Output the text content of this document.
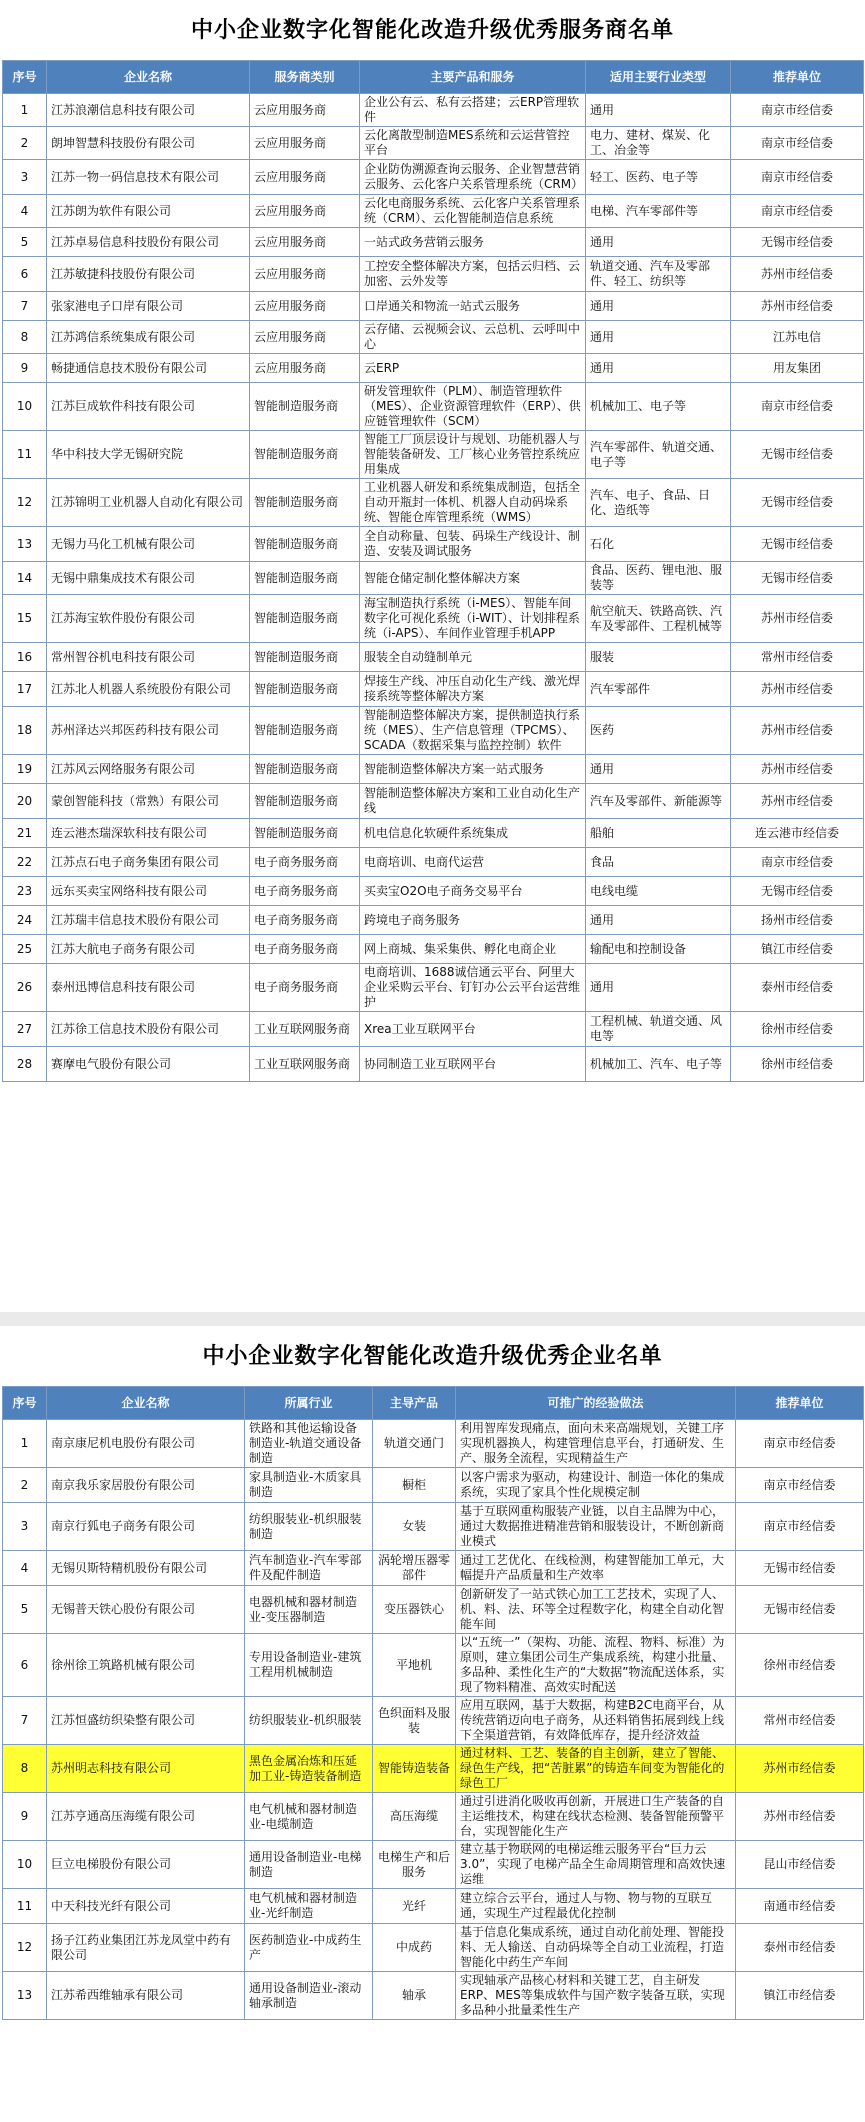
中小企业数字化智能化改造升级优秀服务商名单
序号	企业名称	服务商类别	主要产品和服务	适用主要行业类型	推荐单位
1	江苏浪潮信息科技有限公司	云应用服务商	企业公有云、私有云搭建；云ERP管理软件	通用	南京市经信委
2	朗坤智慧科技股份有限公司	云应用服务商	云化离散型制造MES系统和云运营管控平台	电力、建材、煤炭、化工、冶金等	南京市经信委
3	江苏一物一码信息技术有限公司	云应用服务商	企业防伪溯源查询云服务、企业智慧营销云服务、云化客户关系管理系统（CRM）	轻工、医药、电子等	南京市经信委
4	江苏朗为软件有限公司	云应用服务商	云化电商服务系统、云化客户关系管理系统（CRM）、云化智能制造信息系统	电梯、汽车零部件等	南京市经信委
5	江苏卓易信息科技股份有限公司	云应用服务商	一站式政务营销云服务	通用	无锡市经信委
6	江苏敏捷科技股份有限公司	云应用服务商	工控安全整体解决方案，包括云归档、云加密、云外发等	轨道交通、汽车及零部件、轻工、纺织等	苏州市经信委
7	张家港电子口岸有限公司	云应用服务商	口岸通关和物流一站式云服务	通用	苏州市经信委
8	江苏鸿信系统集成有限公司	云应用服务商	云存储、云视频会议、云总机、云呼叫中心	通用	江苏电信
9	畅捷通信息技术股份有限公司	云应用服务商	云ERP	通用	用友集团
10	江苏巨成软件科技有限公司	智能制造服务商	研发管理软件（PLM）、制造管理软件（MES）、企业资源管理软件（ERP）、供应链管理软件（SCM）	机械加工、电子等	南京市经信委
11	华中科技大学无锡研究院	智能制造服务商	智能工厂顶层设计与规划、功能机器人与智能装备研发、工厂核心业务管控系统应用集成	汽车零部件、轨道交通、电子等	无锡市经信委
12	江苏锦明工业机器人自动化有限公司	智能制造服务商	工业机器人研发和系统集成制造，包括全自动开瓶封一体机、机器人自动码垛系统、智能仓库管理系统（WMS）	汽车、电子、食品、日化、造纸等	无锡市经信委
13	无锡力马化工机械有限公司	智能制造服务商	全自动称量、包装、码垛生产线设计、制造、安装及调试服务	石化	无锡市经信委
14	无锡中鼎集成技术有限公司	智能制造服务商	智能仓储定制化整体解决方案	食品、医药、锂电池、服装等	无锡市经信委
15	江苏海宝软件股份有限公司	智能制造服务商	海宝制造执行系统（i-MES）、智能车间数字化可视化系统（i-WIT）、计划排程系统（i-APS）、车间作业管理手机APP	航空航天、铁路高铁、汽车及零部件、工程机械等	苏州市经信委
16	常州智谷机电科技有限公司	智能制造服务商	服装全自动缝制单元	服装	常州市经信委
17	江苏北人机器人系统股份有限公司	智能制造服务商	焊接生产线、冲压自动化生产线、激光焊接系统等整体解决方案	汽车零部件	苏州市经信委
18	苏州泽达兴邦医药科技有限公司	智能制造服务商	智能制造整体解决方案，提供制造执行系统（MES）、生产信息管理（TPCMS）、SCADA（数据采集与监控控制）软件	医药	苏州市经信委
19	江苏风云网络服务有限公司	智能制造服务商	智能制造整体解决方案一站式服务	通用	苏州市经信委
20	蒙创智能科技（常熟）有限公司	智能制造服务商	智能制造整体解决方案和工业自动化生产线	汽车及零部件、新能源等	苏州市经信委
21	连云港杰瑞深软科技有限公司	智能制造服务商	机电信息化软硬件系统集成	船舶	连云港市经信委
22	江苏点石电子商务集团有限公司	电子商务服务商	电商培训、电商代运营	食品	南京市经信委
23	远东买卖宝网络科技有限公司	电子商务服务商	买卖宝O2O电子商务交易平台	电线电缆	无锡市经信委
24	江苏瑞丰信息技术股份有限公司	电子商务服务商	跨境电子商务服务	通用	扬州市经信委
25	江苏大航电子商务有限公司	电子商务服务商	网上商城、集采集供、孵化电商企业	输配电和控制设备	镇江市经信委
26	泰州迅博信息科技有限公司	电子商务服务商	电商培训、1688诚信通云平台、阿里大企业采购云平台、钉钉办公云平台运营维护	通用	泰州市经信委
27	江苏徐工信息技术股份有限公司	工业互联网服务商	Xrea工业互联网平台	工程机械、轨道交通、风电等	徐州市经信委
28	赛摩电气股份有限公司	工业互联网服务商	协同制造工业互联网平台	机械加工、汽车、电子等	徐州市经信委
中小企业数字化智能化改造升级优秀企业名单
序号	企业名称	所属行业	主导产品	可推广的经验做法	推荐单位
1	南京康尼机电股份有限公司	铁路和其他运输设备制造业-轨道交通设备制造	轨道交通门	利用智库发现痛点，面向未来高端规划，关键工序实现机器换人，构建管理信息平台，打通研发、生产、服务全流程，实现精益生产	南京市经信委
2	南京我乐家居股份有限公司	家具制造业-木质家具制造	橱柜	以客户需求为驱动，构建设计、制造一体化的集成系统，实现了家具个性化规模定制	南京市经信委
3	南京行狐电子商务有限公司	纺织服装业-机织服装制造	女装	基于互联网重构服装产业链，以自主品牌为中心，通过大数据推进精准营销和服装设计，不断创新商业模式	南京市经信委
4	无锡贝斯特精机股份有限公司	汽车制造业-汽车零部件及配件制造	涡轮增压器零部件	通过工艺优化、在线检测，构建智能加工单元，大幅提升产品质量和生产效率	无锡市经信委
5	无锡普天铁心股份有限公司	电器机械和器材制造业-变压器制造	变压器铁心	创新研发了一站式铁心加工工艺技术，实现了人、机、料、法、环等全过程数字化，构建全自动化智能车间	无锡市经信委
6	徐州徐工筑路机械有限公司	专用设备制造业-建筑工程用机械制造	平地机	以“五统一”（架构、功能、流程、物料、标准）为原则，建立集团公司生产集成系统，构建小批量、多品种、柔性化生产的“大数据”物流配送体系，实现了物料精准、高效实时配送	徐州市经信委
7	江苏恒盛纺织染整有限公司	纺织服装业-机织服装	色织面料及服装	应用互联网，基于大数据，构建B2C电商平台，从传统营销迈向电子商务，从还料销售拓展到线上线下全渠道营销，有效降低库存，提升经济效益	常州市经信委
8	苏州明志科技有限公司	黑色金属冶炼和压延加工业-铸造装备制造	智能铸造装备	通过材料、工艺、装备的自主创新，建立了智能、绿色生产线，把“苦脏累”的铸造车间变为智能化的绿色工厂	苏州市经信委
9	江苏亨通高压海缆有限公司	电气机械和器材制造业-电缆制造	高压海缆	通过引进消化吸收再创新，开展进口生产装备的自主运维技术，构建在线状态检测、装备智能预警平台，实现智能化生产	苏州市经信委
10	巨立电梯股份有限公司	通用设备制造业-电梯制造	电梯生产和后服务	建立基于物联网的电梯运维云服务平台“巨力云3.0”，实现了电梯产品全生命周期管理和高效快速运维	昆山市经信委
11	中天科技光纤有限公司	电气机械和器材制造业-光纤制造	光纤	建立综合云平台，通过人与物、物与物的互联互通，实现生产过程最优化控制	南通市经信委
12	扬子江药业集团江苏龙凤堂中药有限公司	医药制造业-中成药生产	中成药	基于信息化集成系统，通过自动化前处理、智能投料、无人输送、自动码垛等全自动工业流程，打造智能化中药生产车间	泰州市经信委
13	江苏希西维轴承有限公司	通用设备制造业-滚动轴承制造	轴承	实现轴承产品核心材料和关键工艺，自主研发ERP、MES等集成软件与国产数字装备互联，实现多品种小批量柔性生产	镇江市经信委
